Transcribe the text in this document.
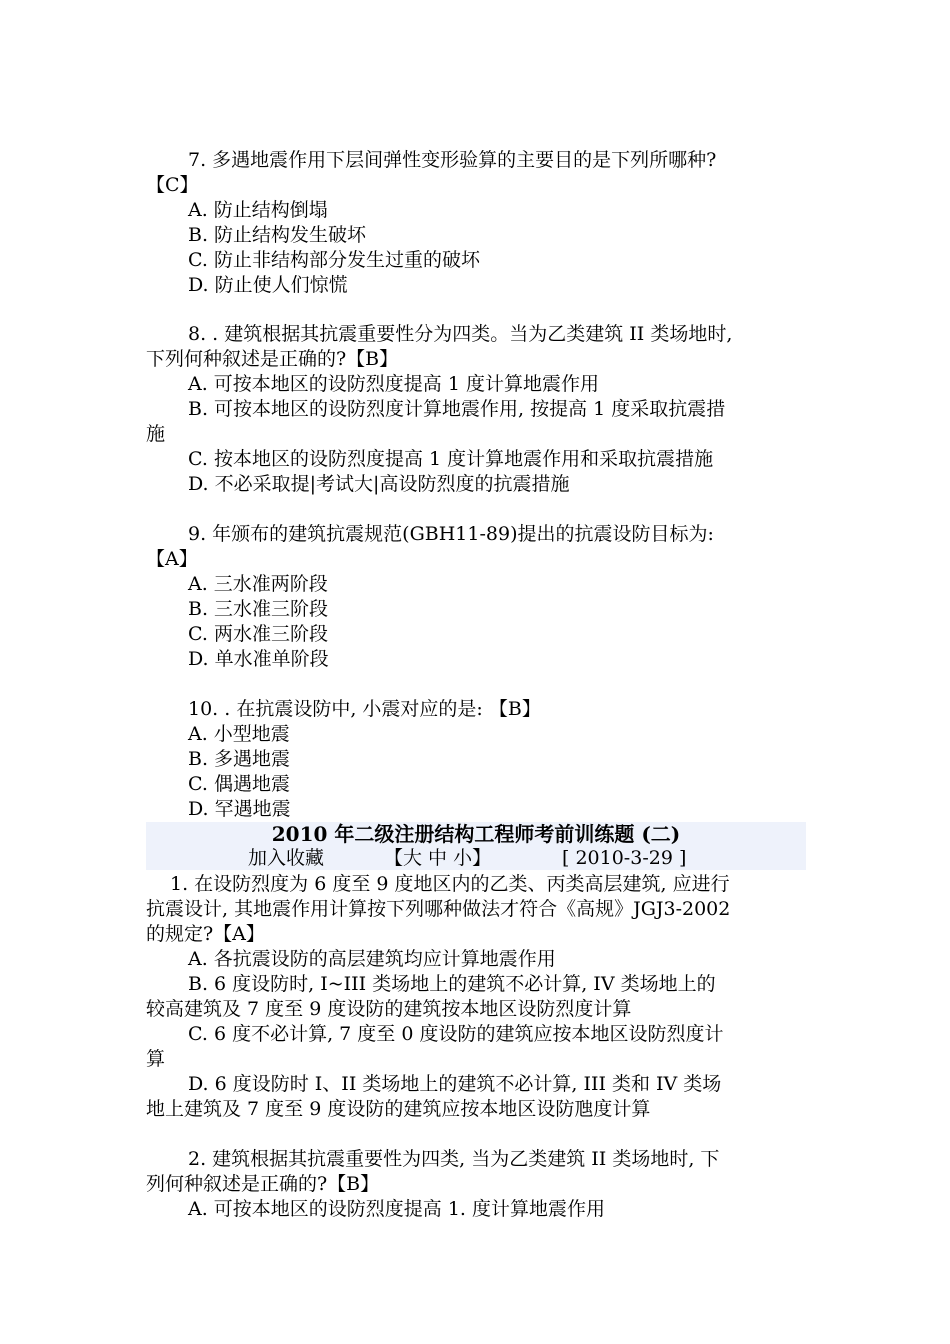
7. 多遇地震作用下层间弹性变形验算的主要目的是下列所哪种?
【C】
A. 防止结构倒塌
B. 防止结构发生破坏
C. 防止非结构部分发生过重的破坏
D. 防止使人们惊慌
8. . 建筑根据其抗震重要性分为四类。当为乙类建筑 II 类场地时,
下列何种叙述是正确的?【B】
A. 可按本地区的设防烈度提高 1 度计算地震作用
B. 可按本地区的设防烈度计算地震作用, 按提高 1 度采取抗震措
施
C. 按本地区的设防烈度提高 1 度计算地震作用和采取抗震措施
D. 不必采取提|考试大|高设防烈度的抗震措施
9. 年颁布的建筑抗震规范(GBH11-89)提出的抗震设防目标为:
【A】
A. 三水准两阶段
B. 三水准三阶段
C. 两水准三阶段
D. 单水准单阶段
10. . 在抗震设防中, 小震对应的是: 【B】
A. 小型地震
B. 多遇地震
C. 偶遇地震
D. 罕遇地震
2010 年二级注册结构工程师考前训练题 (二)
加入收藏	【大 中 小】	[ 2010-3-29 ]
1. 在设防烈度为 6 度至 9 度地区内的乙类、丙类高层建筑, 应进行
抗震设计, 其地震作用计算按下列哪种做法才符合《高规》JGJ3-2002
的规定?【A】
A. 各抗震设防的高层建筑均应计算地震作用
B. 6 度设防时, I~III 类场地上的建筑不必计算, IV 类场地上的
较高建筑及 7 度至 9 度设防的建筑按本地区设防烈度计算
C. 6 度不必计算, 7 度至 0 度设防的建筑应按本地区设防烈度计
算
D. 6 度设防时 I、II 类场地上的建筑不必计算, III 类和 IV 类场
地上建筑及 7 度至 9 度设防的建筑应按本地区设防虺度计算
2. 建筑根据其抗震重要性为四类, 当为乙类建筑 II 类场地时, 下
列何种叙述是正确的?【B】
A. 可按本地区的设防烈度提高 1. 度计算地震作用
